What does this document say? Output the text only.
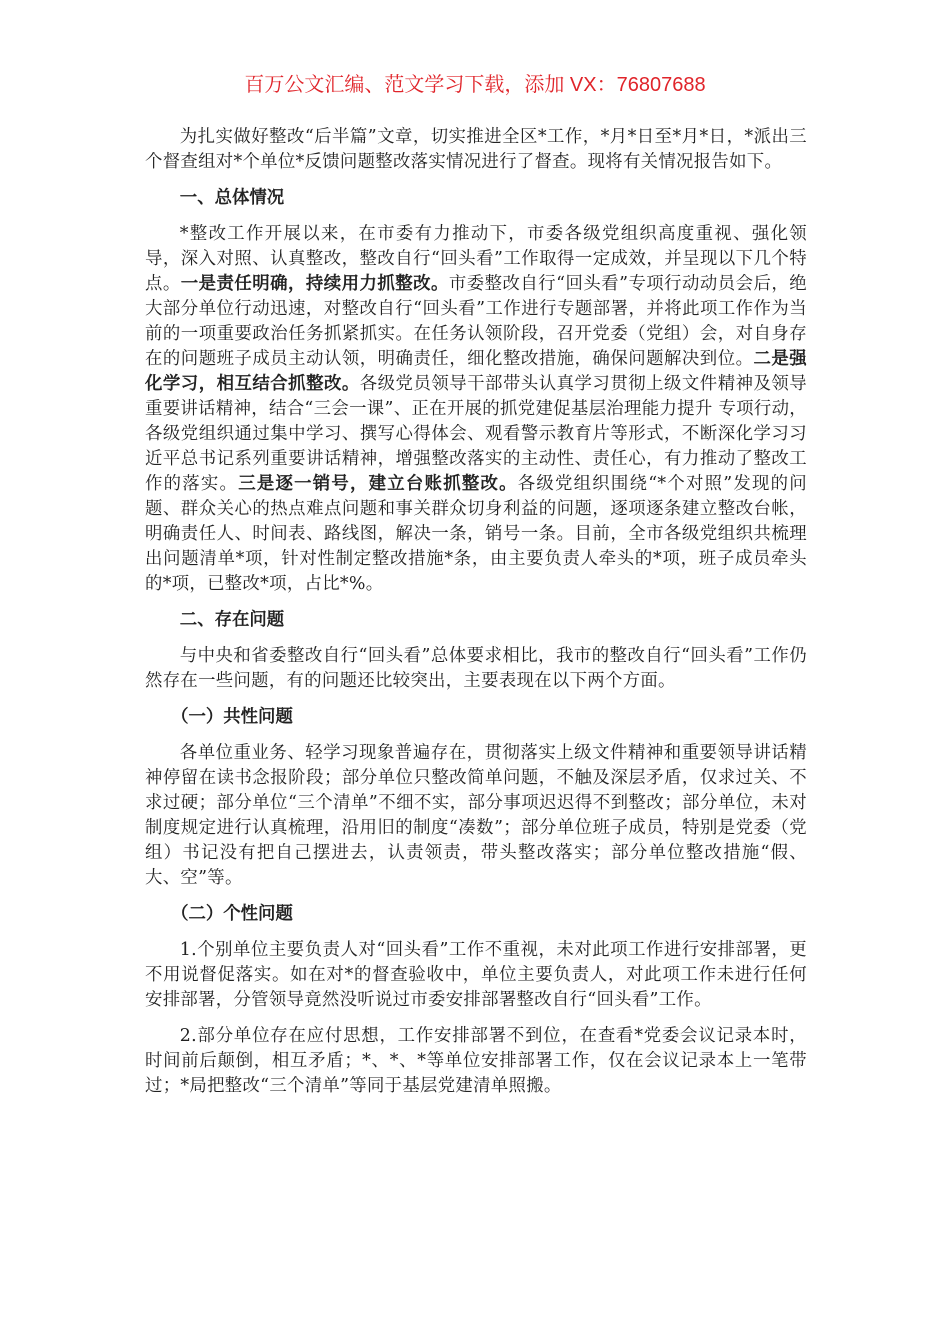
百万公文汇编、范文学习下载，添加 VX：76807688

为扎实做好整改“后半篇”文章，切实推进全区*工作，*月*日至*月*日，*派出三个督查组对*个单位*反馈问题整改落实情况进行了督查。现将有关情况报告如下。

一、总体情况

*整改工作开展以来，在市委有力推动下，市委各级党组织高度重视、强化领导，深入对照、认真整改，整改自行“回头看”工作取得一定成效，并呈现以下几个特点。一是责任明确，持续用力抓整改。市委整改自行“回头看”专项行动动员会后，绝大部分单位行动迅速，对整改自行“回头看”工作进行专题部署，并将此项工作作为当前的一项重要政治任务抓紧抓实。在任务认领阶段，召开党委（党组）会，对自身存在的问题班子成员主动认领，明确责任，细化整改措施，确保问题解决到位。二是强化学习，相互结合抓整改。各级党员领导干部带头认真学习贯彻上级文件精神及领导重要讲话精神，结合“三会一课”、正在开展的抓党建促基层治理能力提升 专项行动，各级党组织通过集中学习、撰写心得体会、观看警示教育片等形式，不断深化学习习近平总书记系列重要讲话精神，增强整改落实的主动性、责任心，有力推动了整改工作的落实。三是逐一销号，建立台账抓整改。各级党组织围绕“*个对照”发现的问题、群众关心的热点难点问题和事关群众切身利益的问题，逐项逐条建立整改台帐，明确责任人、时间表、路线图，解决一条，销号一条。目前，全市各级党组织共梳理出问题清单*项，针对性制定整改措施*条，由主要负责人牵头的*项，班子成员牵头的*项，已整改*项，占比*%。

二、存在问题

与中央和省委整改自行“回头看”总体要求相比，我市的整改自行“回头看”工作仍然存在一些问题，有的问题还比较突出，主要表现在以下两个方面。

（一）共性问题

各单位重业务、轻学习现象普遍存在，贯彻落实上级文件精神和重要领导讲话精神停留在读书念报阶段；部分单位只整改简单问题，不触及深层矛盾，仅求过关、不求过硬；部分单位“三个清单”不细不实，部分事项迟迟得不到整改；部分单位，未对制度规定进行认真梳理，沿用旧的制度“凑数”；部分单位班子成员，特别是党委（党组）书记没有把自己摆进去，认责领责，带头整改落实；部分单位整改措施“假、大、空”等。

（二）个性问题

1.个别单位主要负责人对“回头看”工作不重视，未对此项工作进行安排部署，更不用说督促落实。如在对*的督查验收中，单位主要负责人，对此项工作未进行任何安排部署，分管领导竟然没听说过市委安排部署整改自行“回头看”工作。

2.部分单位存在应付思想，工作安排部署不到位，在查看*党委会议记录本时，时间前后颠倒，相互矛盾；*、*、*等单位安排部署工作，仅在会议记录本上一笔带过；*局把整改“三个清单”等同于基层党建清单照搬。
